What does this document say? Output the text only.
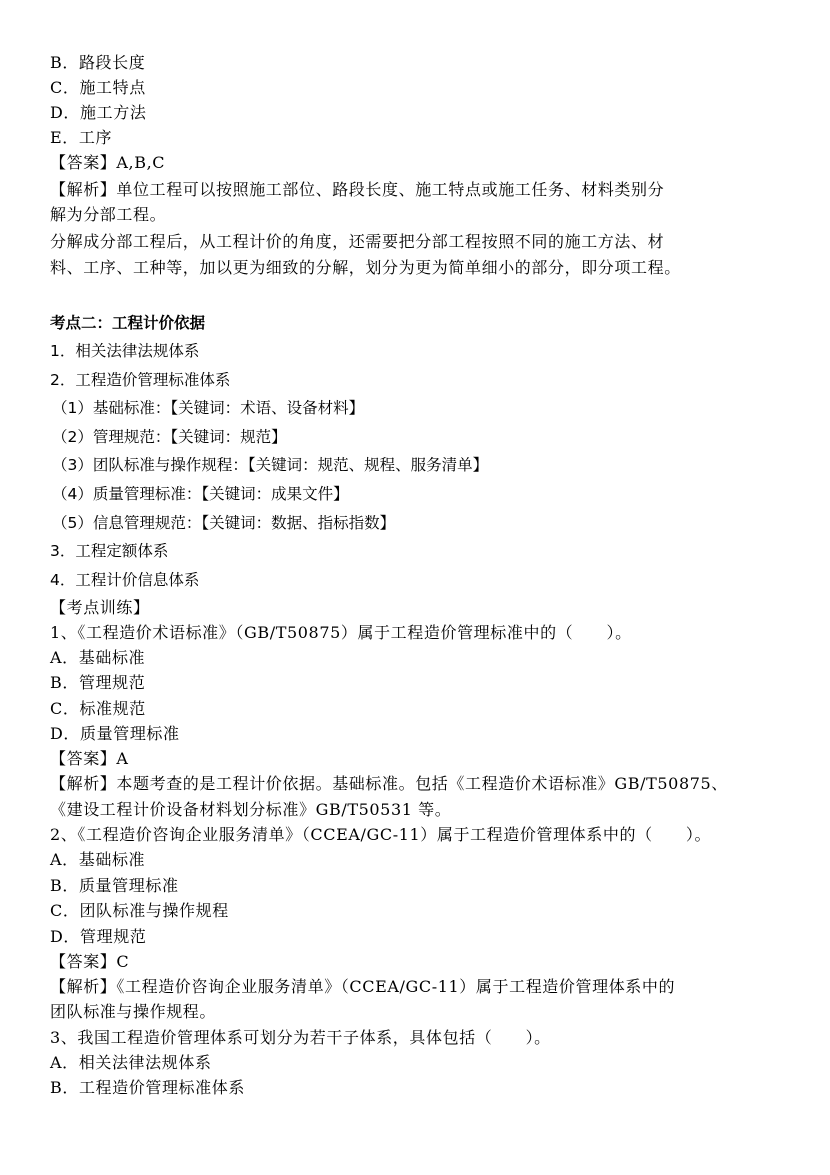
B．路段长度
C．施工特点
D．施工方法
E．工序
【答案】A,B,C
【解析】单位工程可以按照施工部位、路段长度、施工特点或施工任务、材料类别分
解为分部工程。
分解成分部工程后，从工程计价的角度，还需要把分部工程按照不同的施工方法、材
料、工序、工种等，加以更为细致的分解，划分为更为简单细小的部分，即分项工程。
考点二：工程计价依据
1．相关法律法规体系
2．工程造价管理标准体系
（1）基础标准：【关键词：术语、设备材料】
（2）管理规范：【关键词：规范】
（3）团队标准与操作规程：【关键词：规范、规程、服务清单】
（4）质量管理标准：【关键词：成果文件】
（5）信息管理规范：【关键词：数据、指标指数】
3．工程定额体系
4．工程计价信息体系
【考点训练】
1、《工程造价术语标准》（GB/T50875）属于工程造价管理标准中的（　　）。
A．基础标准
B．管理规范
C．标准规范
D．质量管理标准
【答案】A
【解析】本题考查的是工程计价依据。基础标准。包括《工程造价术语标准》GB/T50875、
《建设工程计价设备材料划分标准》GB/T50531 等。
2、《工程造价咨询企业服务清单》（CCEA/GC-11）属于工程造价管理体系中的（　　）。
A．基础标准
B．质量管理标准
C．团队标准与操作规程
D．管理规范
【答案】C
【解析】《工程造价咨询企业服务清单》（CCEA/GC-11）属于工程造价管理体系中的
团队标准与操作规程。
3、我国工程造价管理体系可划分为若干子体系，具体包括（　　）。
A．相关法律法规体系
B．工程造价管理标准体系
